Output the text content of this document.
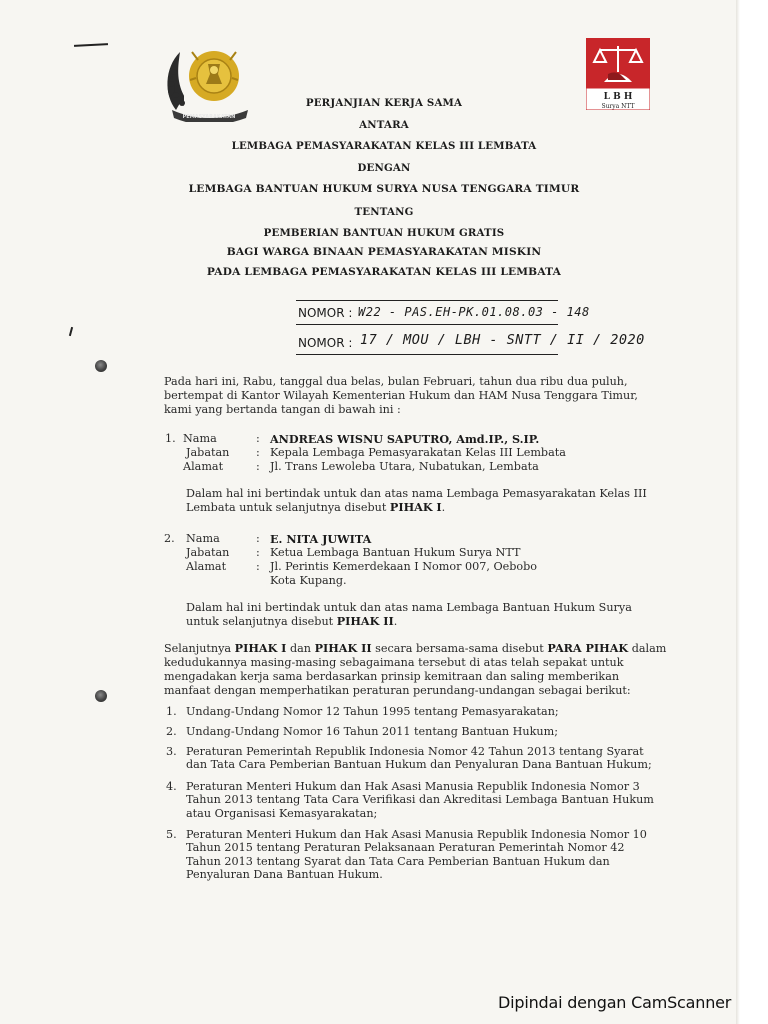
PEMASYARAKATAN
L B H
Surya NTT
PERJANJIAN KERJA SAMA
ANTARA
LEMBAGA PEMASYARAKATAN KELAS III LEMBATA
DENGAN
LEMBAGA BANTUAN HUKUM SURYA NUSA TENGGARA TIMUR
TENTANG
PEMBERIAN BANTUAN HUKUM GRATIS
BAGI WARGA BINAAN PEMASYARAKATAN MISKIN
PADA LEMBAGA PEMASYARAKATAN KELAS III LEMBATA
NOMOR : W22 - PAS.EH-PK.01.08.03 - 148
NOMOR : 17 / MOU / LBH - SNTT / II / 2020
Pada hari ini, Rabu, tanggal dua belas, bulan Februari, tahun dua ribu dua puluh,
bertempat di Kantor Wilayah Kementerian Hukum dan HAM Nusa Tenggara Timur,
kami yang bertanda tangan di bawah ini :
1. Nama	: ANDREAS WISNU SAPUTRO, Amd.IP., S.IP.
Jabatan : Kepala Lembaga Pemasyarakatan Kelas III Lembata
Alamat	: Jl. Trans Lewoleba Utara, Nubatukan, Lembata
Dalam hal ini bertindak untuk dan atas nama Lembaga Pemasyarakatan Kelas III
Lembata untuk selanjutnya disebut PIHAK I.
2. Nama	: E. NITA JUWITA
Jabatan : Ketua Lembaga Bantuan Hukum Surya NTT
Alamat	: Jl. Perintis Kemerdekaan I Nomor 007, Oebobo
Kota Kupang.
Dalam hal ini bertindak untuk dan atas nama Lembaga Bantuan Hukum Surya
untuk selanjutnya disebut PIHAK II.
Selanjutnya PIHAK I dan PIHAK II secara bersama-sama disebut PARA PIHAK dalam
kedudukannya masing-masing sebagaimana tersebut di atas telah sepakat untuk
mengadakan kerja sama berdasarkan prinsip kemitraan dan saling memberikan
manfaat dengan memperhatikan peraturan perundang-undangan sebagai berikut:
1. Undang-Undang Nomor 12 Tahun 1995 tentang Pemasyarakatan;
2. Undang-Undang Nomor 16 Tahun 2011 tentang Bantuan Hukum;
3. Peraturan Pemerintah Republik Indonesia Nomor 42 Tahun 2013 tentang Syarat
dan Tata Cara Pemberian Bantuan Hukum dan Penyaluran Dana Bantuan Hukum;
4. Peraturan Menteri Hukum dan Hak Asasi Manusia Republik Indonesia Nomor 3
Tahun 2013 tentang Tata Cara Verifikasi dan Akreditasi Lembaga Bantuan Hukum
atau Organisasi Kemasyarakatan;
5. Peraturan Menteri Hukum dan Hak Asasi Manusia Republik Indonesia Nomor 10
Tahun 2015 tentang Peraturan Pelaksanaan Peraturan Pemerintah Nomor 42
Tahun 2013 tentang Syarat dan Tata Cara Pemberian Bantuan Hukum dan
Penyaluran Dana Bantuan Hukum.
Dipindai dengan CamScanner
